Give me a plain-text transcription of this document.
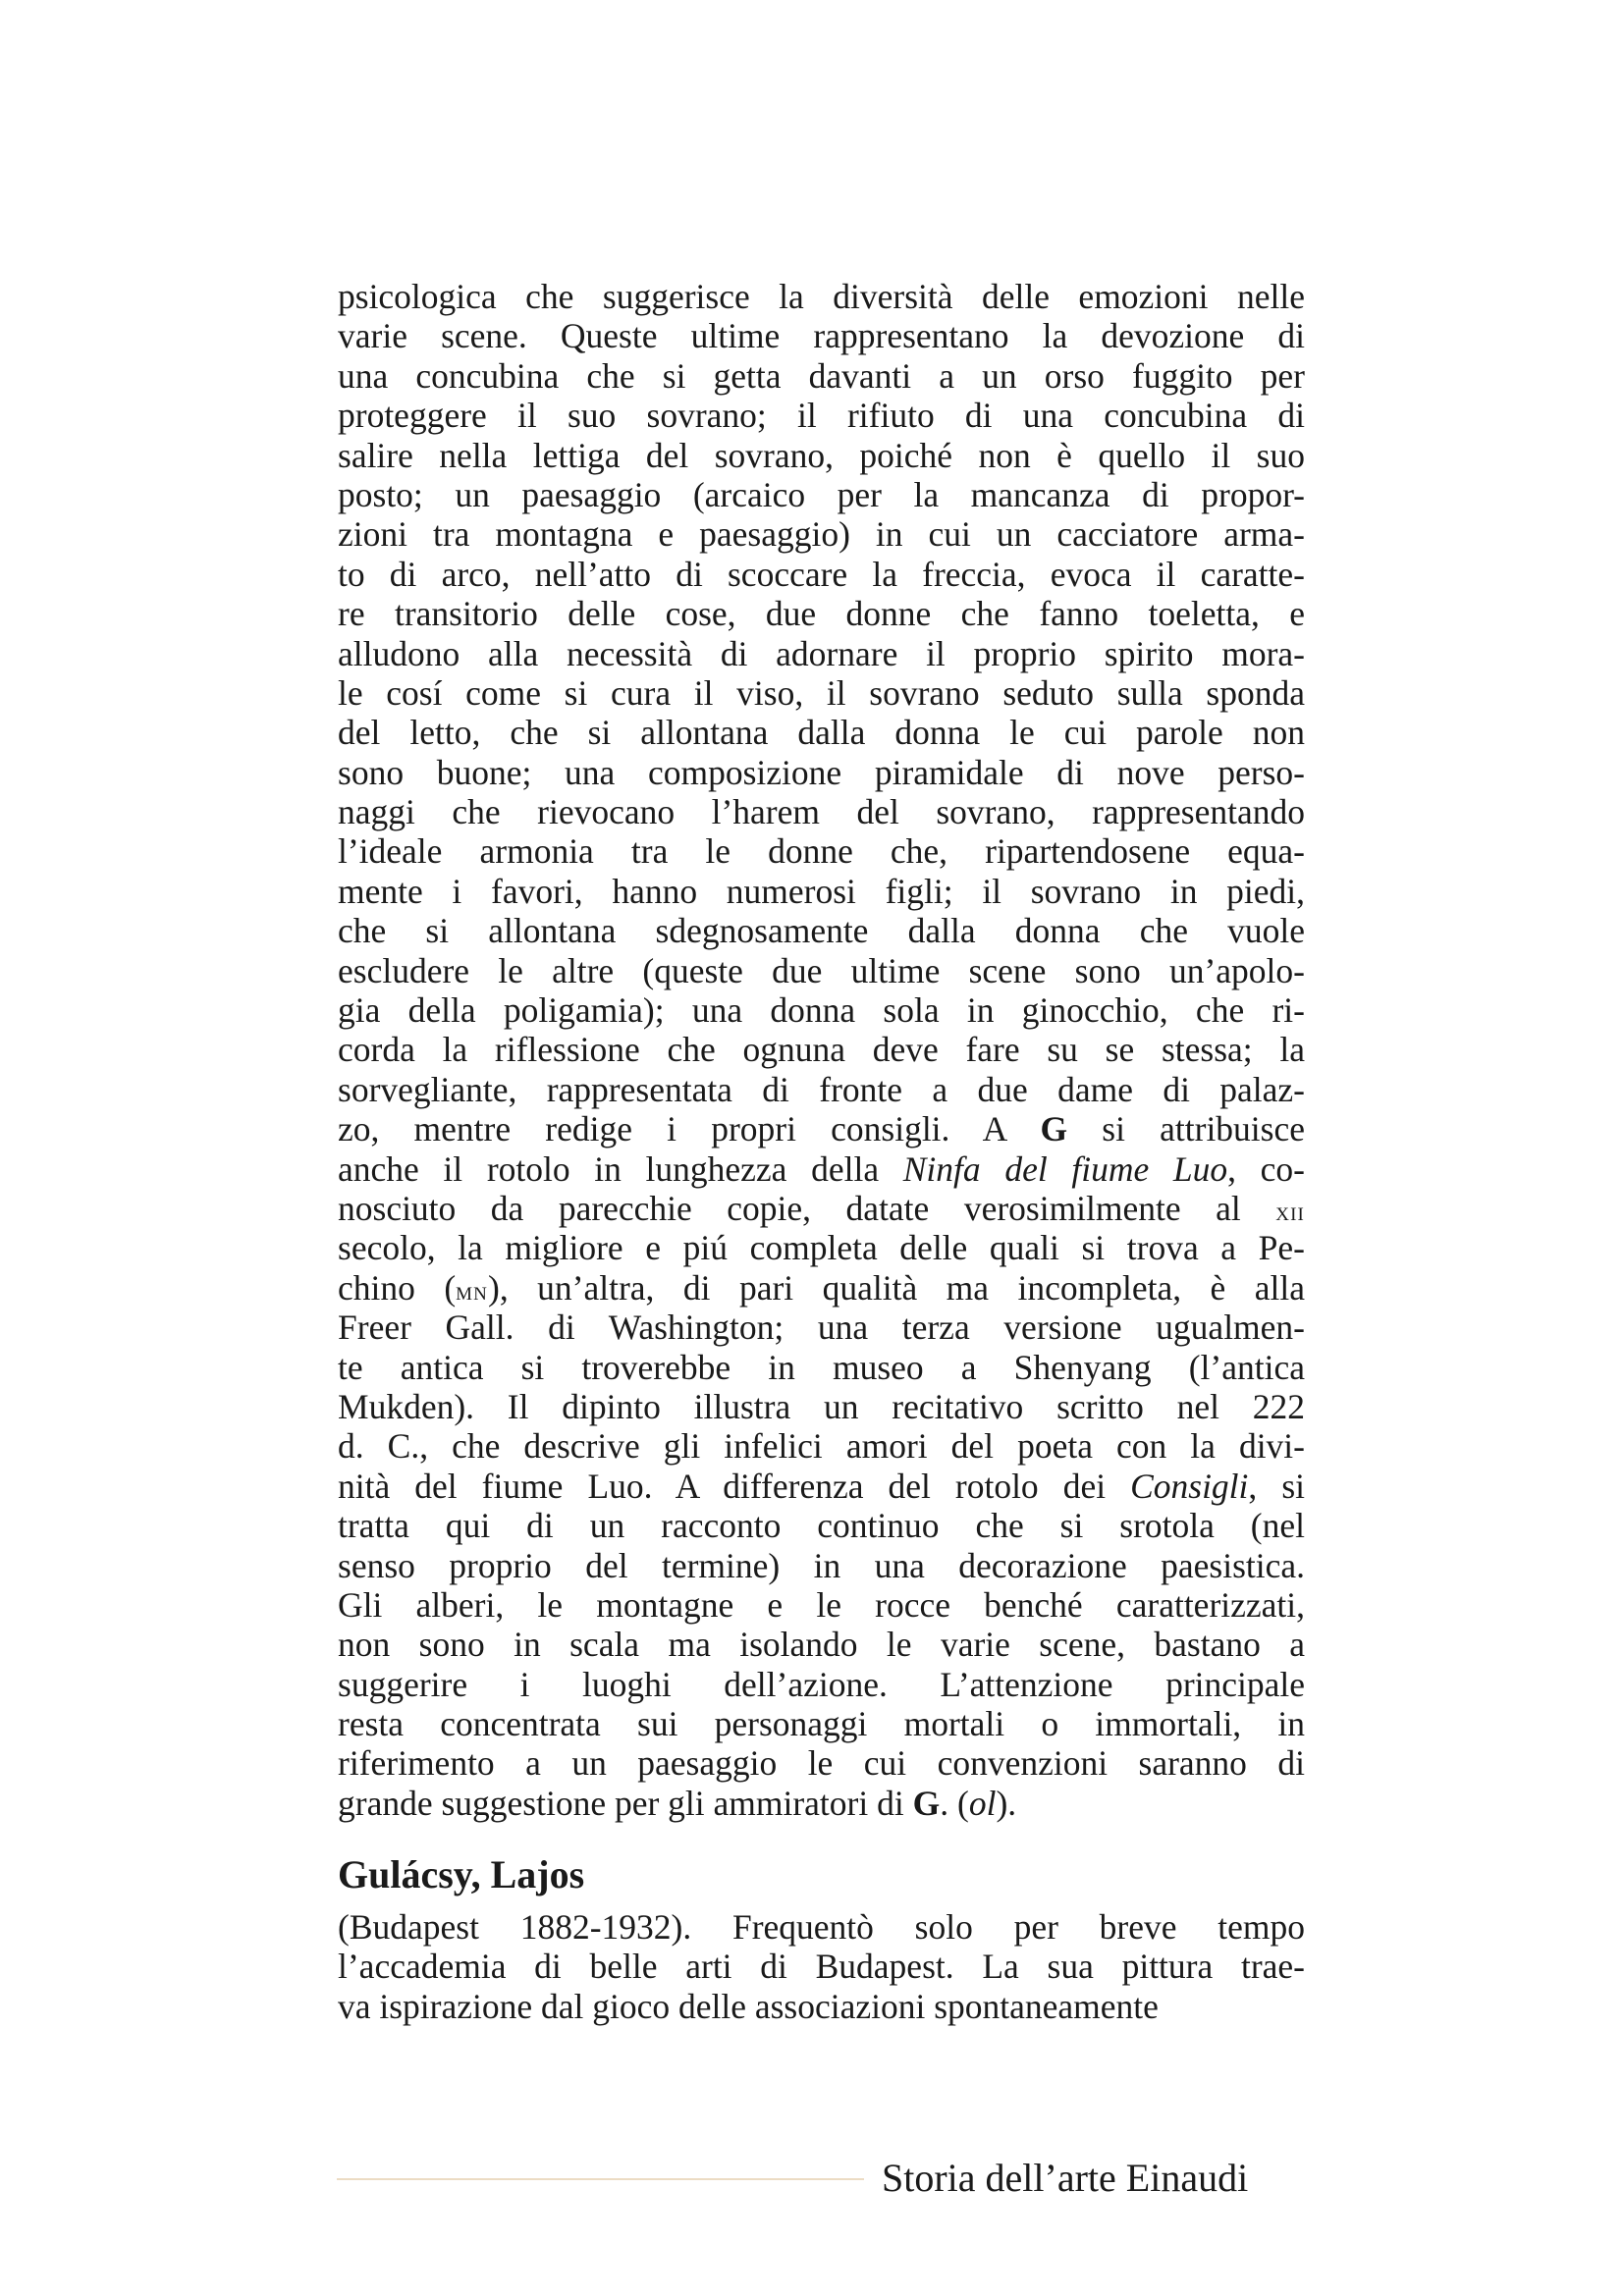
psicologica che suggerisce la diversità delle emozioni nelle
varie scene. Queste ultime rappresentano la devozione di
una concubina che si getta davanti a un orso fuggito per
proteggere il suo sovrano; il rifiuto di una concubina di
salire nella lettiga del sovrano, poiché non è quello il suo
posto; un paesaggio (arcaico per la mancanza di propor-
zioni tra montagna e paesaggio) in cui un cacciatore arma-
to di arco, nell’atto di scoccare la freccia, evoca il caratte-
re transitorio delle cose, due donne che fanno toeletta, e
alludono alla necessità di adornare il proprio spirito mora-
le cosí come si cura il viso, il sovrano seduto sulla sponda
del letto, che si allontana dalla donna le cui parole non
sono buone; una composizione piramidale di nove perso-
naggi che rievocano l’harem del sovrano, rappresentando
l’ideale armonia tra le donne che, ripartendosene equa-
mente i favori, hanno numerosi figli; il sovrano in piedi,
che si allontana sdegnosamente dalla donna che vuole
escludere le altre (queste due ultime scene sono un’apolo-
gia della poligamia); una donna sola in ginocchio, che ri-
corda la riflessione che ognuna deve fare su se stessa; la
sorvegliante, rappresentata di fronte a due dame di palaz-
zo, mentre redige i propri consigli. A G si attribuisce
anche il rotolo in lunghezza della Ninfa del fiume Luo, co-
nosciuto da parecchie copie, datate verosimilmente al xii
secolo, la migliore e piú completa delle quali si trova a Pe-
chino (mn), un’altra, di pari qualità ma incompleta, è alla
Freer Gall. di Washington; una terza versione ugualmen-
te antica si troverebbe in museo a Shenyang (l’antica
Mukden). Il dipinto illustra un recitativo scritto nel 222
d. C., che descrive gli infelici amori del poeta con la divi-
nità del fiume Luo. A differenza del rotolo dei Consigli, si
tratta qui di un racconto continuo che si srotola (nel
senso proprio del termine) in una decorazione paesistica.
Gli alberi, le montagne e le rocce benché caratterizzati,
non sono in scala ma isolando le varie scene, bastano a
suggerire i luoghi dell’azione. L’attenzione principale
resta concentrata sui personaggi mortali o immortali, in
riferimento a un paesaggio le cui convenzioni saranno di
grande suggestione per gli ammiratori di G. (ol).
Gulácsy, Lajos
(Budapest 1882-1932). Frequentò solo per breve tempo
l’accademia di belle arti di Budapest. La sua pittura trae-
va ispirazione dal gioco delle associazioni spontaneamente
Storia dell’arte Einaudi
